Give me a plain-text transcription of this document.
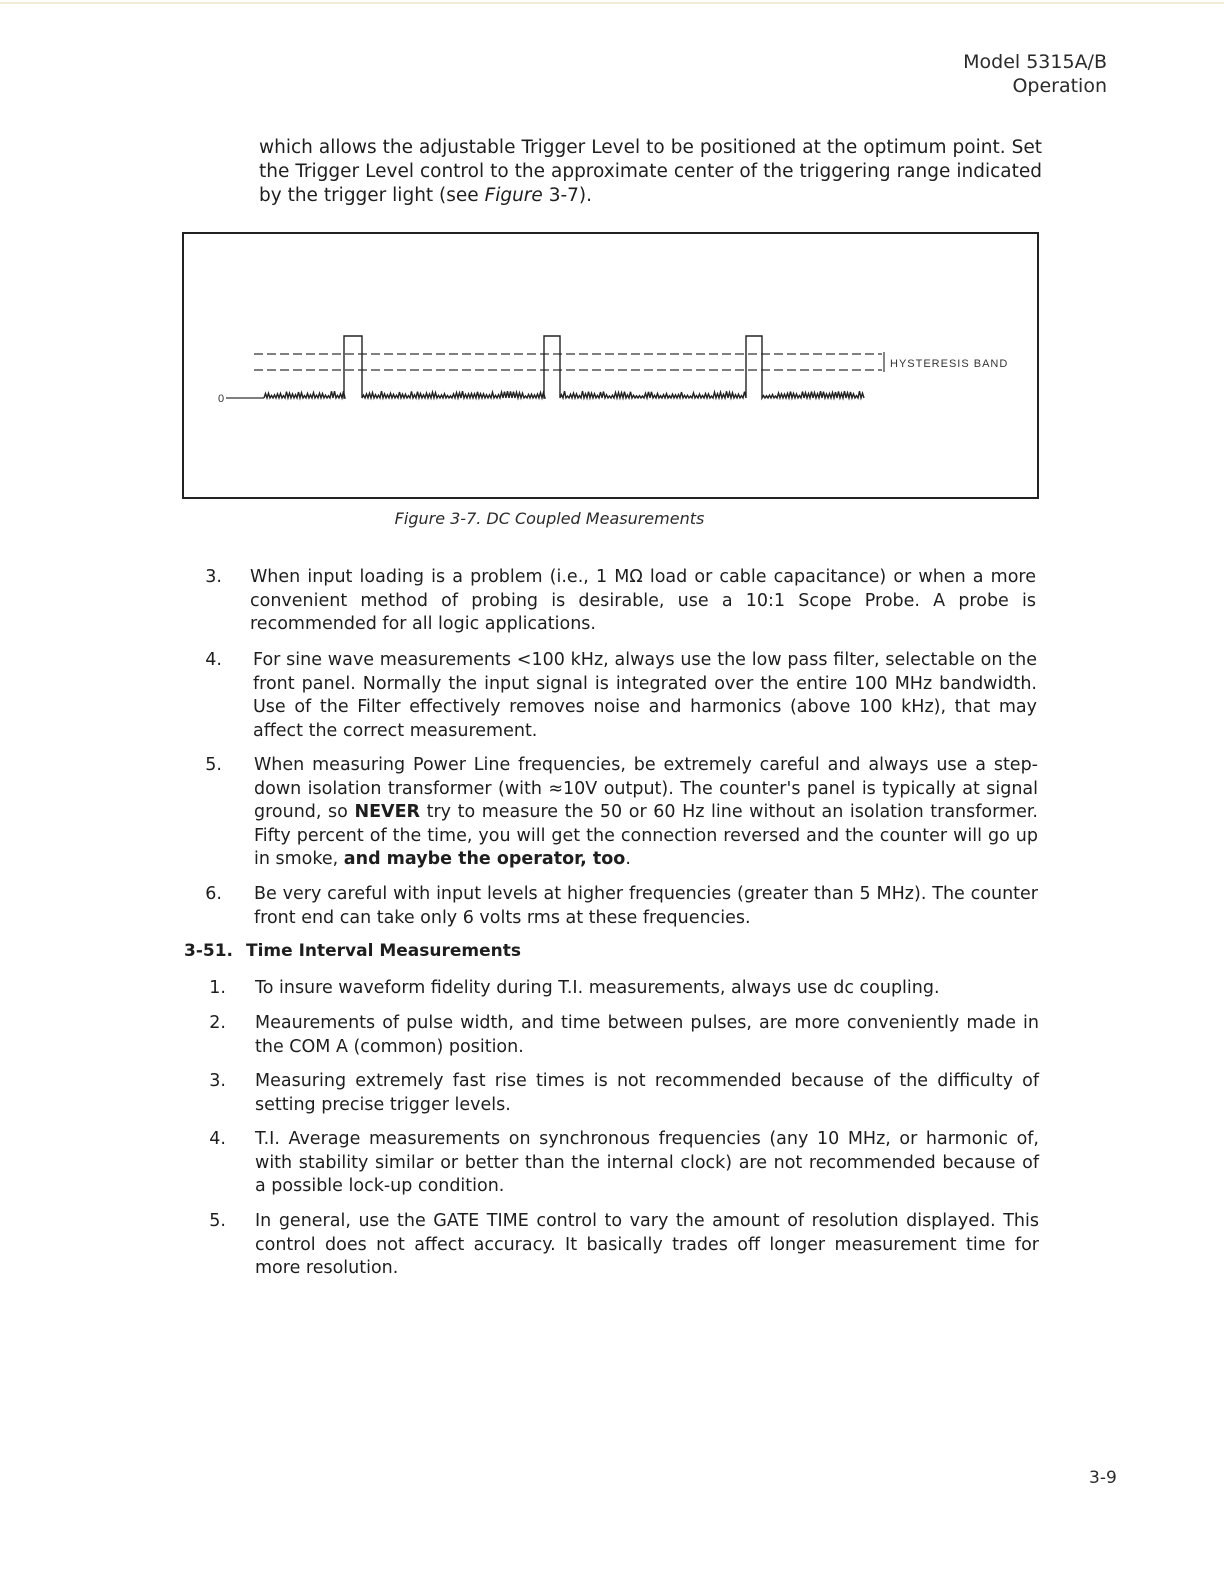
Model 5315A/B
Operation
which allows the adjustable Trigger Level to be positioned at the optimum point. Set the Trigger Level control to the approximate center of the triggering range indicated by the trigger light (see Figure 3-7).
HYSTERESIS BAND
0
Figure 3-7. DC Coupled Measurements
3. When input loading is a problem (i.e., 1 MΩ load or cable capacitance) or when a more convenient method of probing is desirable, use a 10:1 Scope Probe. A probe is recommended for all logic applications.
4. For sine wave measurements <100 kHz, always use the low pass filter, selectable on the front panel. Normally the input signal is integrated over the entire 100 MHz bandwidth. Use of the Filter effectively removes noise and harmonics (above 100 kHz), that may affect the correct measurement.
5. When measuring Power Line frequencies, be extremely careful and always use a step-down isolation transformer (with ≈10V output). The counter's panel is typically at signal ground, so NEVER try to measure the 50 or 60 Hz line without an isolation transformer. Fifty percent of the time, you will get the connection reversed and the counter will go up in smoke, and maybe the operator, too.
6. Be very careful with input levels at higher frequencies (greater than 5 MHz). The counter front end can take only 6 volts rms at these frequencies.
3-51. Time Interval Measurements
1. To insure waveform fidelity during T.I. measurements, always use dc coupling.
2. Meaurements of pulse width, and time between pulses, are more conveniently made in the COM A (common) position.
3. Measuring extremely fast rise times is not recommended because of the difficulty of setting precise trigger levels.
4. T.I. Average measurements on synchronous frequencies (any 10 MHz, or harmonic of, with stability similar or better than the internal clock) are not recommended because of a possible lock-up condition.
5. In general, use the GATE TIME control to vary the amount of resolution displayed. This control does not affect accuracy. It basically trades off longer measurement time for more resolution.
3-9
